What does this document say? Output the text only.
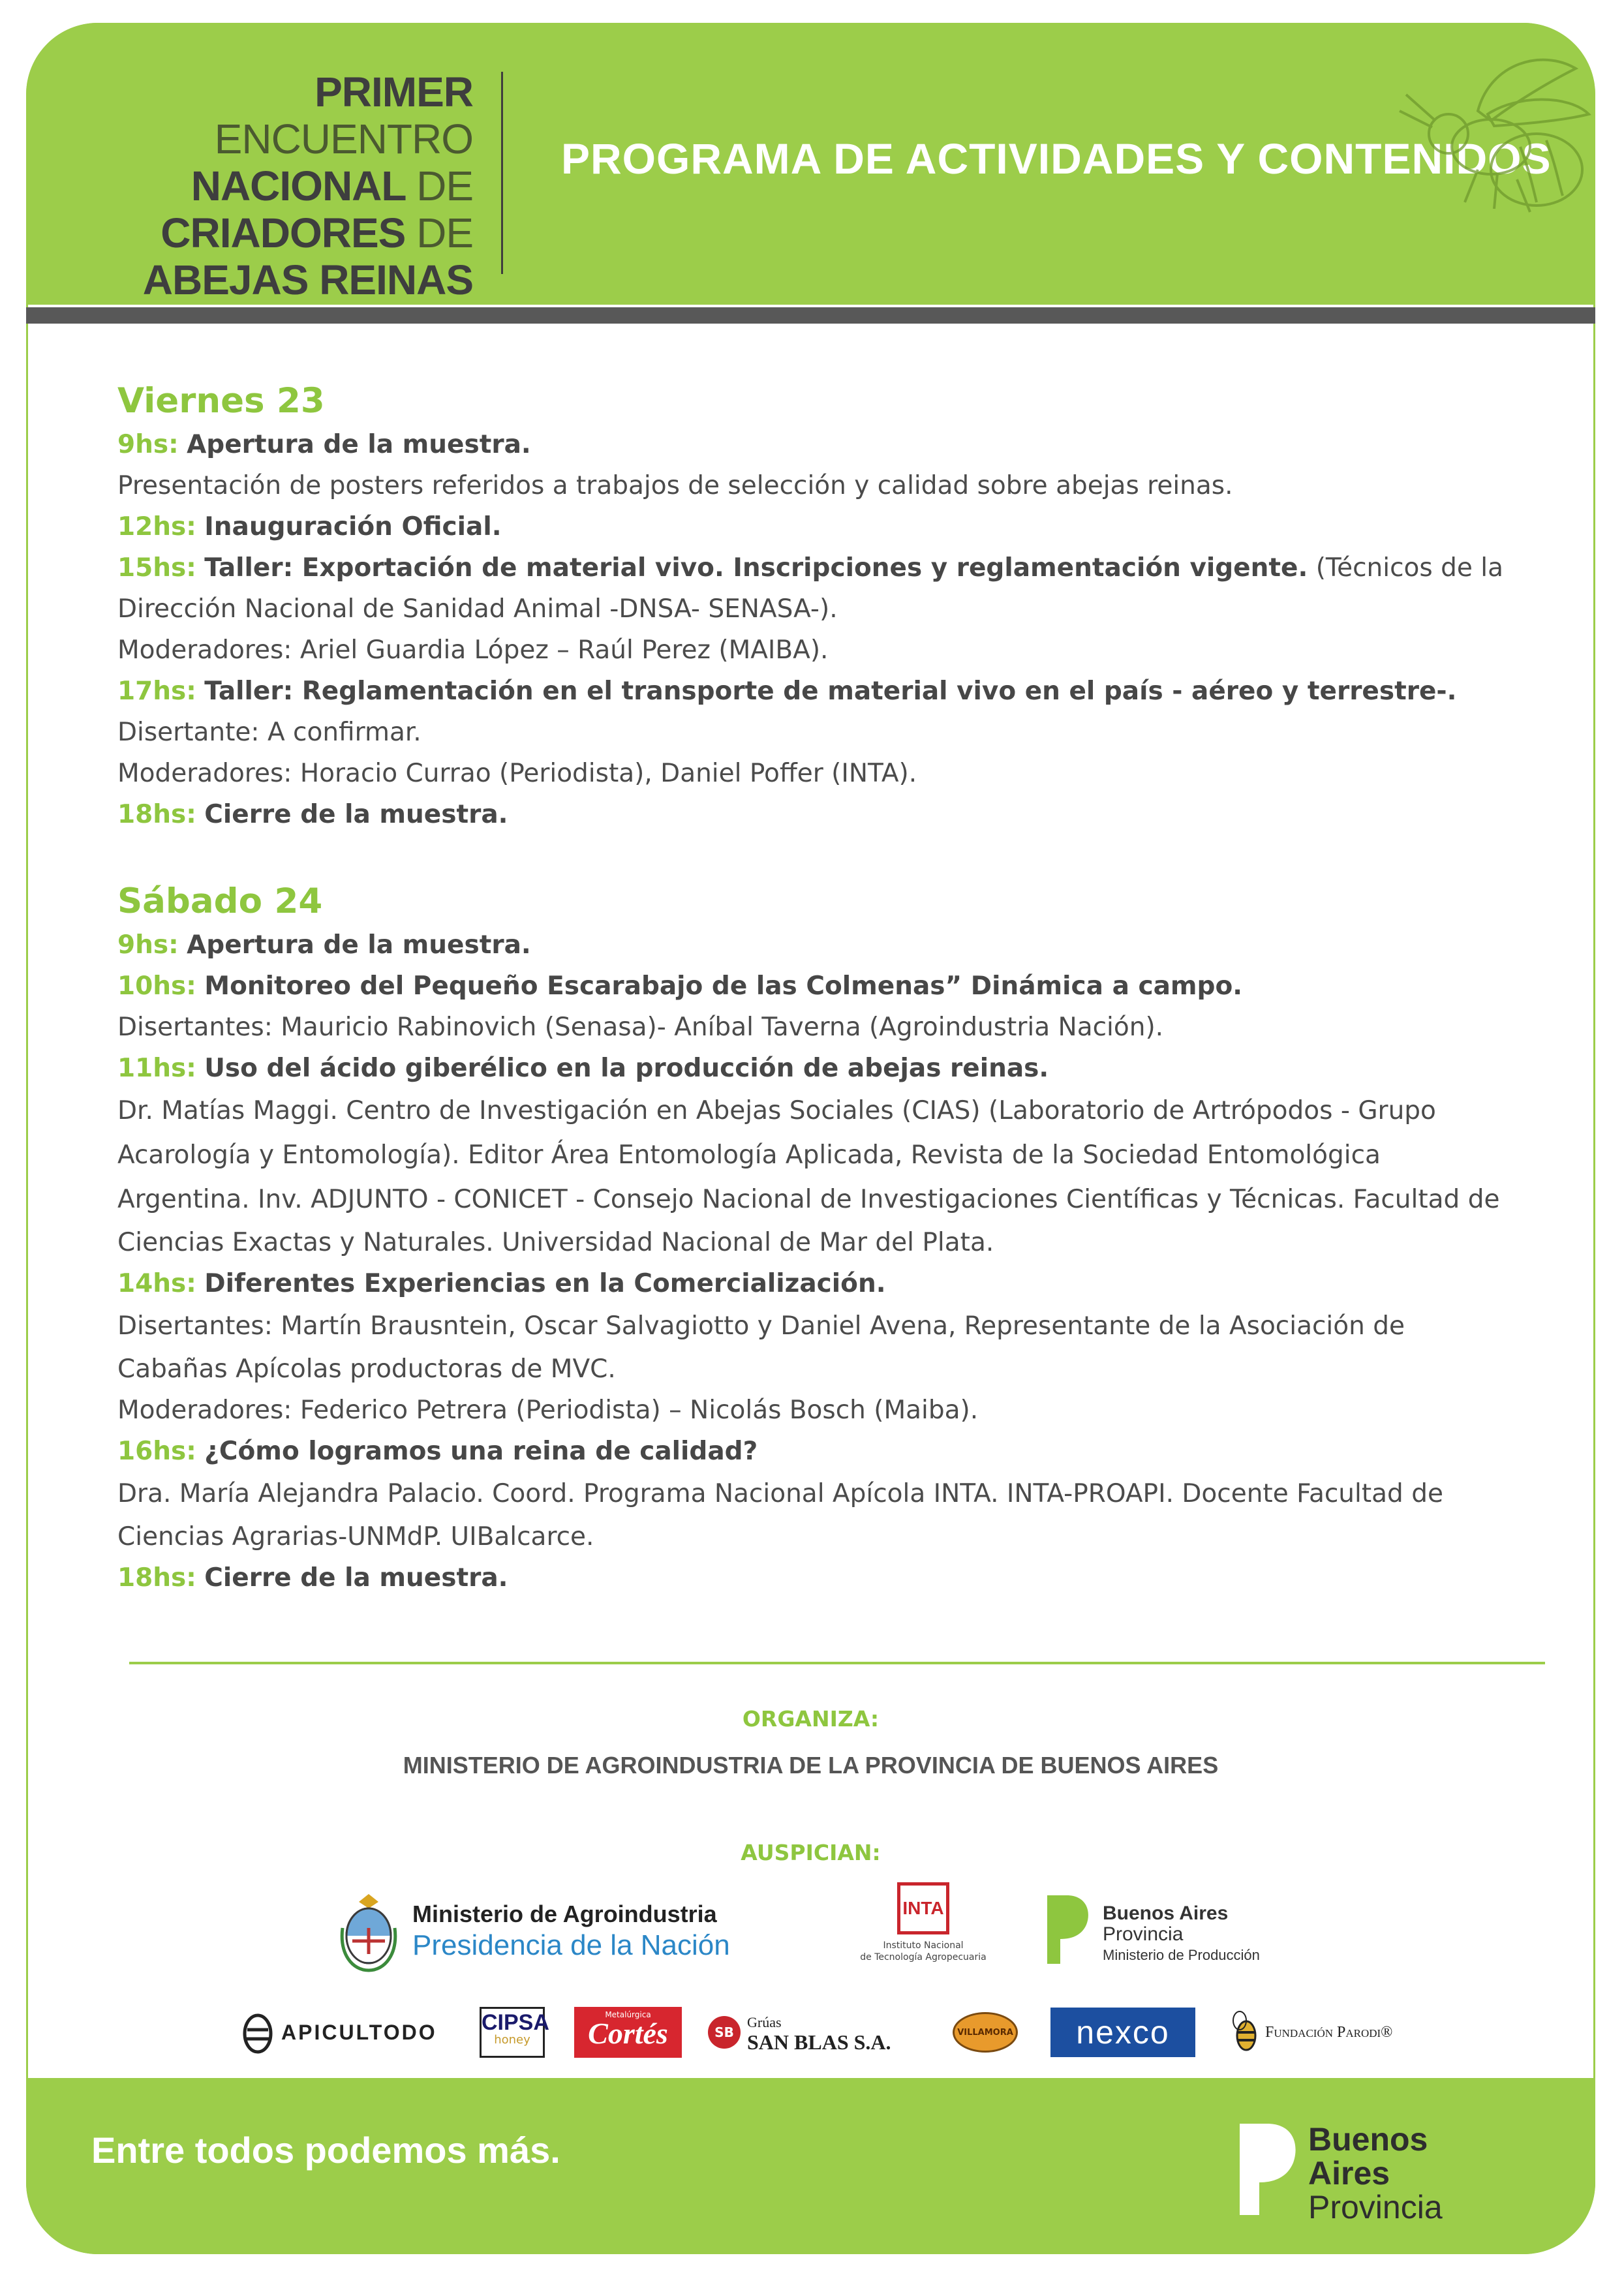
PRIMER ENCUENTRO
NACIONAL DE
CRIADORES DE
ABEJAS REINAS
PROGRAMA DE ACTIVIDADES Y CONTENIDOS
Viernes 23
9hs: Apertura de la muestra.
Presentación de posters referidos a trabajos de selección y calidad sobre abejas reinas.
12hs: Inauguración Oficial.
15hs: Taller: Exportación de material vivo. Inscripciones y reglamentación vigente. (Técnicos de la
Dirección Nacional de Sanidad Animal -DNSA- SENASA-).
Moderadores: Ariel Guardia López – Raúl Perez (MAIBA).
17hs: Taller: Reglamentación en el transporte de material vivo en el país - aéreo y terrestre-.
Disertante: A confirmar.
Moderadores: Horacio Currao (Periodista), Daniel Poffer (INTA).
18hs: Cierre de la muestra.
Sábado 24
9hs: Apertura de la muestra.
10hs: Monitoreo del Pequeño Escarabajo de las Colmenas” Dinámica a campo.
Disertantes: Mauricio Rabinovich (Senasa)- Aníbal Taverna (Agroindustria Nación).
11hs: Uso del ácido giberélico en la producción de abejas reinas.
Dr. Matías Maggi. Centro de Investigación en Abejas Sociales (CIAS) (Laboratorio de Artrópodos - Grupo
Acarología y Entomología). Editor Área Entomología Aplicada, Revista de la Sociedad Entomológica
Argentina. Inv. ADJUNTO - CONICET - Consejo Nacional de Investigaciones Científicas y Técnicas. Facultad de
Ciencias Exactas y Naturales. Universidad Nacional de Mar del Plata.
14hs: Diferentes Experiencias en la Comercialización.
Disertantes: Martín Brausntein, Oscar Salvagiotto y Daniel Avena, Representante de la Asociación de
Cabañas Apícolas productoras de MVC.
Moderadores: Federico Petrera (Periodista) – Nicolás Bosch (Maiba).
16hs: ¿Cómo logramos una reina de calidad?
Dra. María Alejandra Palacio. Coord. Programa Nacional Apícola INTA. INTA-PROAPI. Docente Facultad de
Ciencias Agrarias-UNMdP. UIBalcarce.
18hs: Cierre de la muestra.
ORGANIZA:
MINISTERIO DE AGROINDUSTRIA DE LA PROVINCIA DE BUENOS AIRES
AUSPICIAN:
Ministerio de Agroindustria
Presidencia de la Nación
INTA
Instituto Nacional
de Tecnología Agropecuaria
Buenos Aires
Provincia
Ministerio de Producción
APICULTODO CIPSA
honey
Metalúrgica
Cortés	SB
Grúas
SAN BLAS S.A.	VILLAMORA	nexco	Fundación Parodi®
Entre todos podemos más.	Buenos Aires
Provincia
